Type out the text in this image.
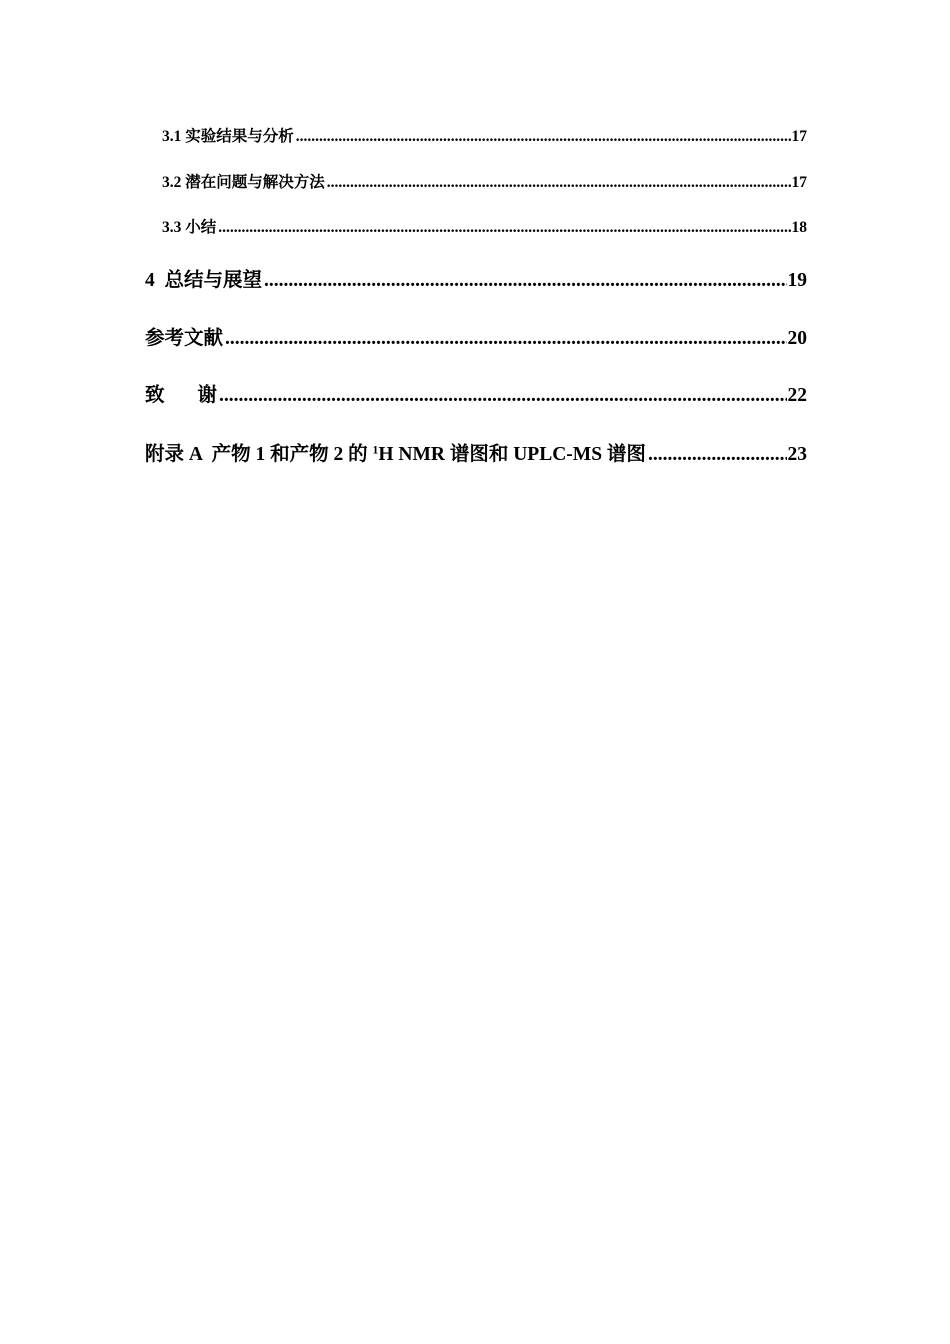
3.1 实验结果与分析 .....	17
3.2 潜在问题与解决方法 .....	17
3.3 小结 .....	18
4 总结与展望 .....	19
参考文献 .....	20
致 谢 .....	22
附录 A  产物 1 和产物 2 的 $^1$H NMR 谱图和 UPLC-MS 谱图 .....	23
